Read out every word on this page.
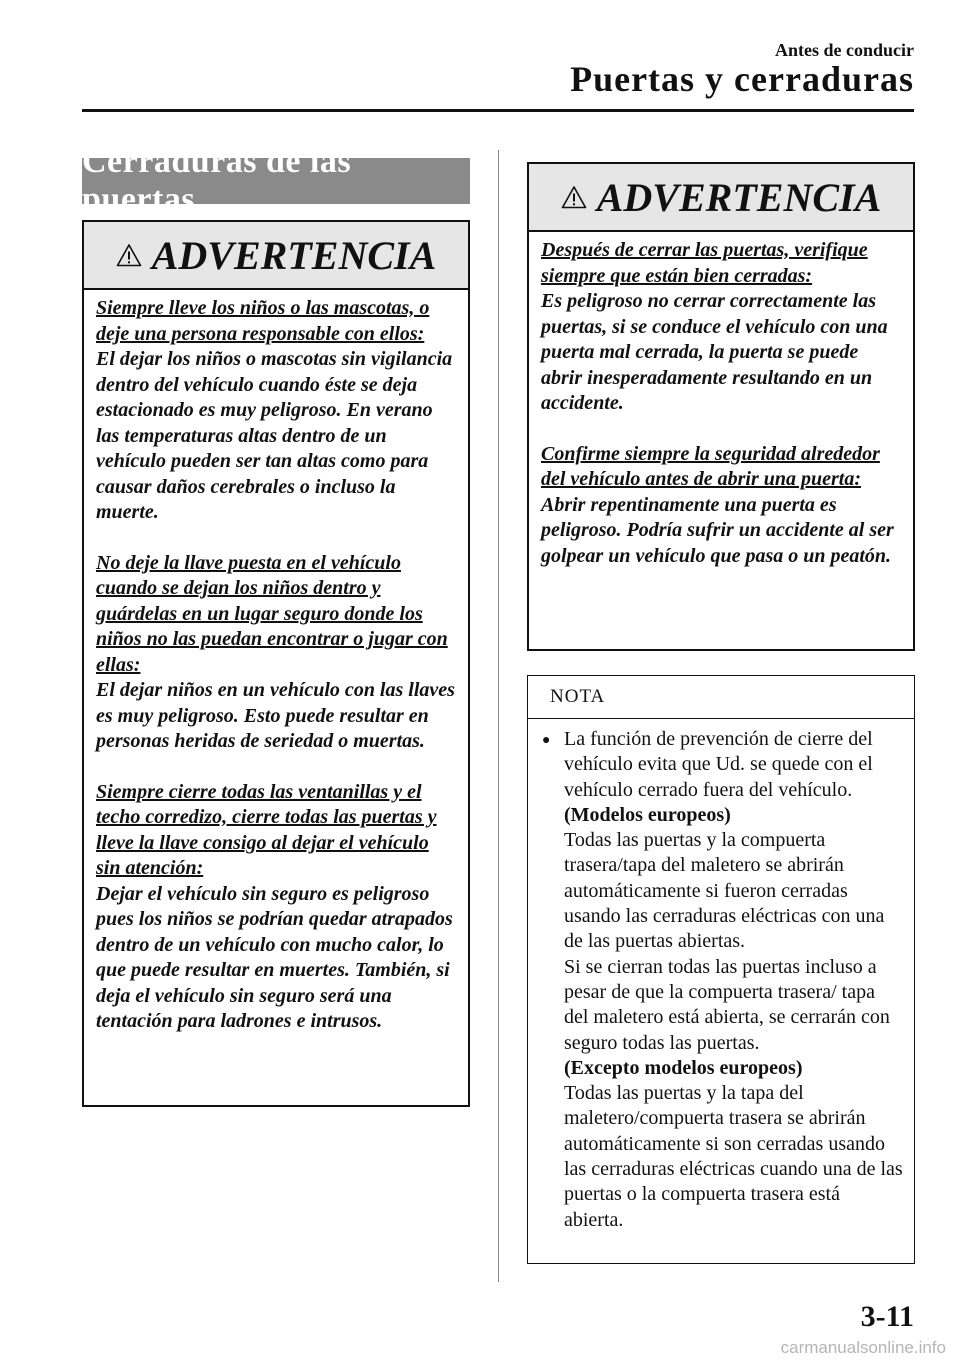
Antes de conducir
Puertas y cerraduras
Cerraduras de las puertas
ADVERTENCIA

Siempre lleve los niños o las mascotas, o deje una persona responsable con ellos:

El dejar los niños o mascotas sin vigilancia dentro del vehículo cuando éste se deja estacionado es muy peligroso. En verano las temperaturas altas dentro de un vehículo pueden ser tan altas como para causar daños cerebrales o incluso la muerte.

No deje la llave puesta en el vehículo cuando se dejan los niños dentro y guárdelas en un lugar seguro donde los niños no las puedan encontrar o jugar con ellas:

El dejar niños en un vehículo con las llaves es muy peligroso. Esto puede resultar en personas heridas de seriedad o muertas.

Siempre cierre todas las ventanillas y el techo corredizo, cierre todas las puertas y lleve la llave consigo al dejar el vehículo sin atención:

Dejar el vehículo sin seguro es peligroso pues los niños se podrían quedar atrapados dentro de un vehículo con mucho calor, lo que puede resultar en muertes. También, si deja el vehículo sin seguro será una tentación para ladrones e intrusos.

ADVERTENCIA

Después de cerrar las puertas, verifique siempre que están bien cerradas:

Es peligroso no cerrar correctamente las puertas, si se conduce el vehículo con una puerta mal cerrada, la puerta se puede abrir inesperadamente resultando en un accidente.

Confirme siempre la seguridad alrededor del vehículo antes de abrir una puerta:

Abrir repentinamente una puerta es peligroso. Podría sufrir un accidente al ser golpear un vehículo que pasa o un peatón.

NOTA
● La función de prevención de cierre del vehículo evita que Ud. se quede con el vehículo cerrado fuera del vehículo.

(Modelos europeos)

Todas las puertas y la compuerta trasera/tapa del maletero se abrirán automáticamente si fueron cerradas usando las cerraduras eléctricas con una de las puertas abiertas.

Si se cierran todas las puertas incluso a pesar de que la compuerta trasera/ tapa del maletero está abierta, se cerrarán con seguro todas las puertas.

(Excepto modelos europeos)

Todas las puertas y la tapa del maletero/compuerta trasera se abrirán automáticamente si son cerradas usando las cerraduras eléctricas cuando una de las puertas o la compuerta trasera está abierta.

3-11
carmanualsonline.info
